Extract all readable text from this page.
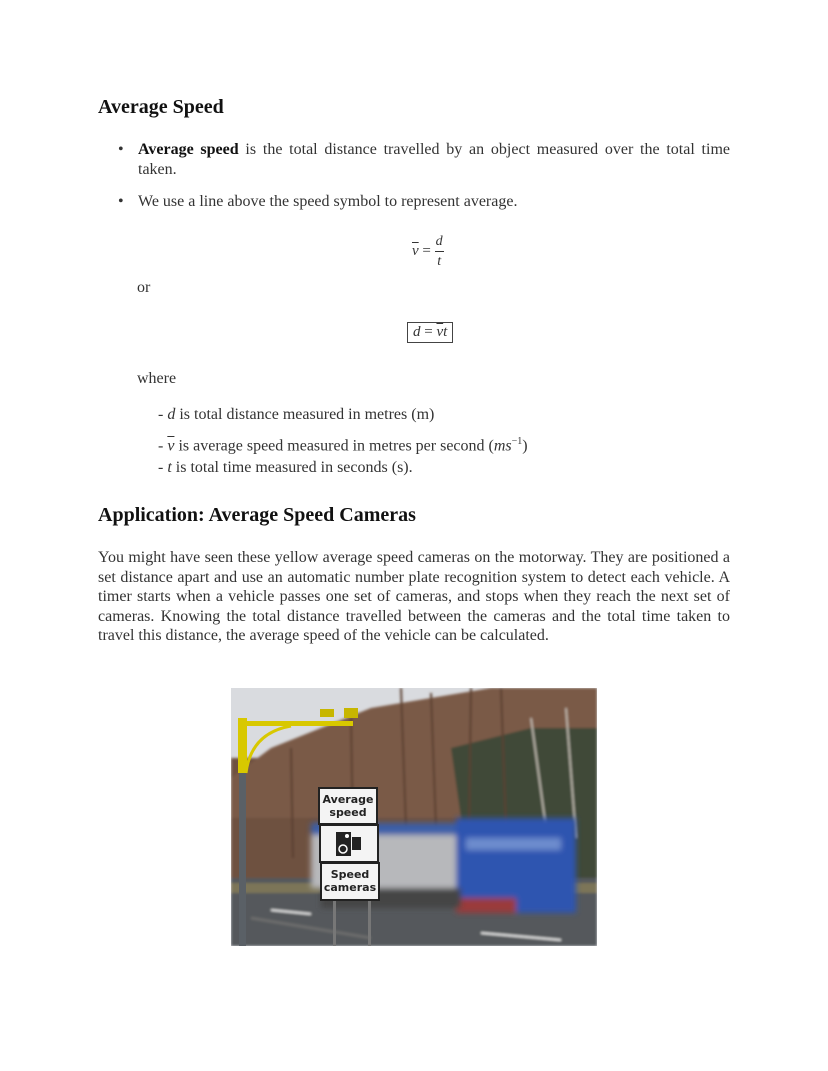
Average Speed
• Average speed is the total distance travelled by an object measured over the total time taken.
• We use a line above the speed symbol to represent average.
$\overline{v} = \frac{d}{t}$
or
$d = \overline{v}t$
where
- d is total distance measured in metres (m)
- $\overline{v}$ is average speed measured in metres per second $(ms^{-1})$
- t is total time measured in seconds (s).
Application: Average Speed Cameras

You might have seen these yellow average speed cameras on the motorway. They are positioned a set distance apart and use an automatic number plate recognition system to detect each vehicle. A timer starts when a vehicle passes one set of cameras, and stops when they reach the next set of cameras. Knowing the total distance travelled between the cameras and the total time taken to travel this distance, the average speed of the vehicle can be calculated.

Average
speed
Speed
cameras
